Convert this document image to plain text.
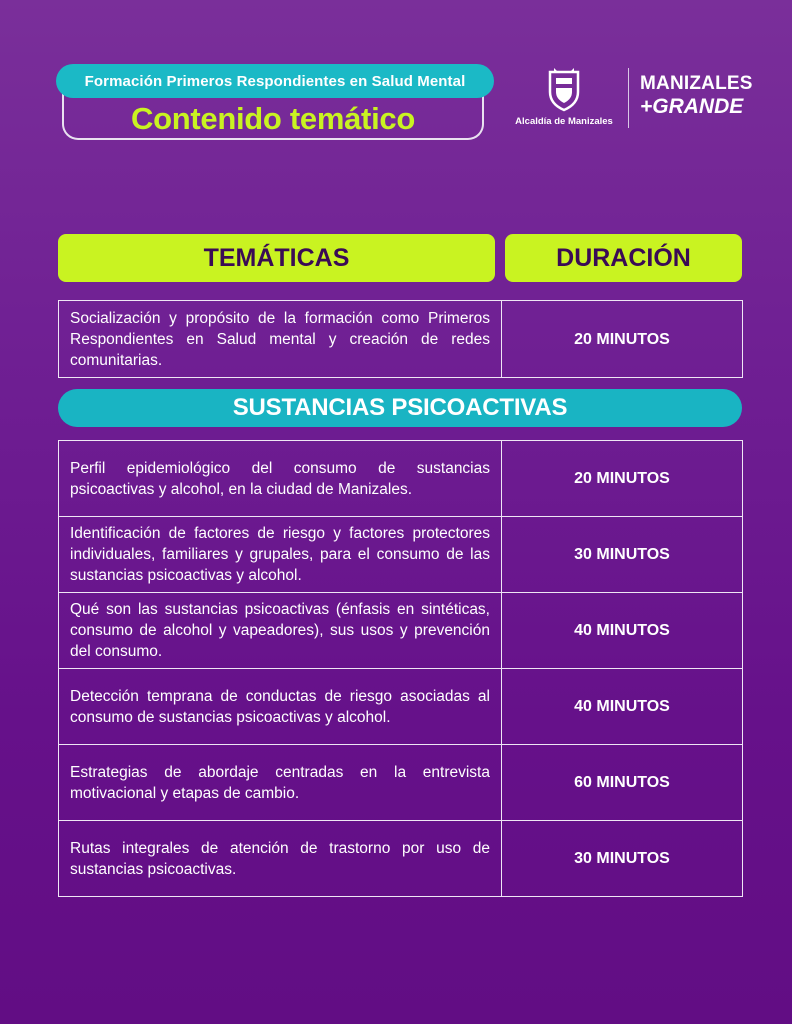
Formación Primeros Respondientes en Salud Mental
Contenido temático	Alcaldía de Manizales
MANIZALES
+GRANDE
TEMÁTICAS	DURACIÓN
Socialización y propósito de la formación como Primeros Respondientes en Salud mental y creación de redes comunitarias.	20 MINUTOS
SUSTANCIAS PSICOACTIVAS
Perfil epidemiológico del consumo de sustancias psicoactivas y alcohol, en la ciudad de Manizales.	20 MINUTOS
Identificación de factores de riesgo y factores protectores individuales, familiares y grupales, para el consumo de las sustancias psicoactivas y alcohol.	30 MINUTOS
Qué son las sustancias psicoactivas (énfasis en sintéticas, consumo de alcohol y vapeadores), sus usos y prevención del consumo.	40 MINUTOS
Detección temprana de conductas de riesgo asociadas al consumo de sustancias psicoactivas y alcohol.	40 MINUTOS
Estrategias de abordaje centradas en la entrevista motivacional y etapas de cambio.	60 MINUTOS
Rutas integrales de atención de trastorno por uso de sustancias psicoactivas.	30 MINUTOS
